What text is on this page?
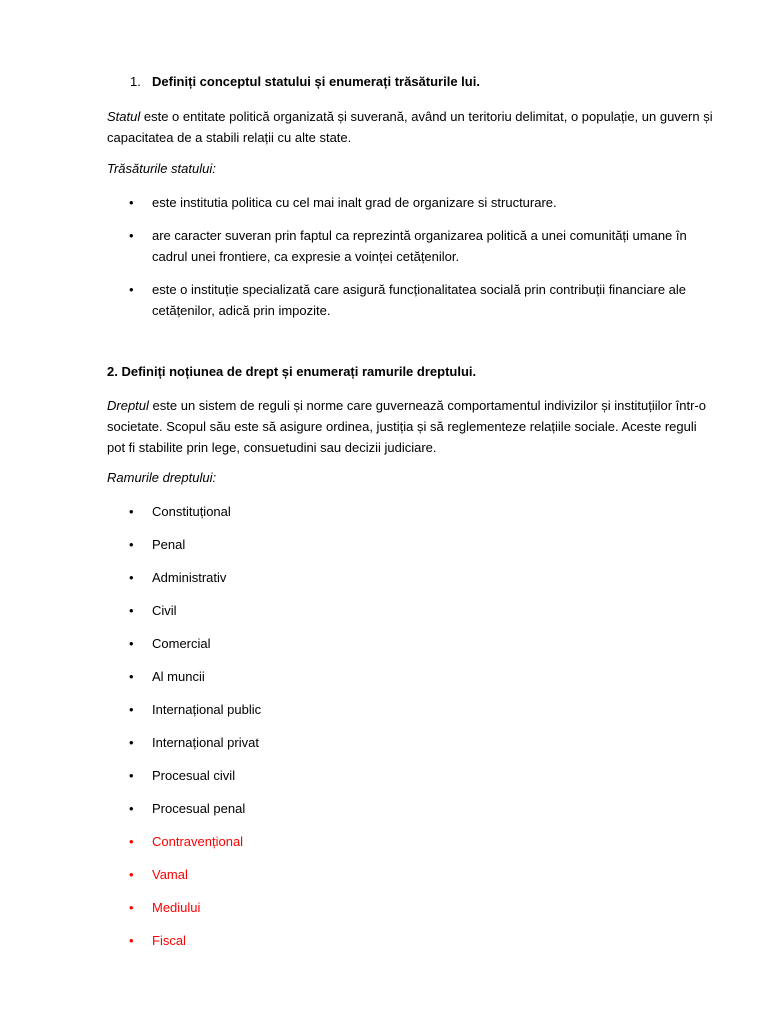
1. Definiți conceptul statului și enumerați trăsăturile lui.
Statul este o entitate politică organizată și suverană, având un teritoriu delimitat, o populație, un guvern și capacitatea de a stabili relații cu alte state.
Trăsăturile statului:
• este institutia politica cu cel mai inalt grad de organizare si structurare.
• are caracter suveran prin faptul ca reprezintă organizarea politică a unei comunități umane în cadrul unei frontiere, ca expresie a voinței cetățenilor.
• este o instituție specializată care asigură funcționalitatea socială prin contribuții financiare ale cetățenilor, adică prin impozite.
2. Definiți noțiunea de drept și enumerați ramurile dreptului.
Dreptul este un sistem de reguli și norme care guvernează comportamentul indivizilor și instituțiilor într-o societate. Scopul său este să asigure ordinea, justiția și să reglementeze relațiile sociale. Aceste reguli pot fi stabilite prin lege, consuetudini sau decizii judiciare.
Ramurile dreptului:
• Constituțional
• Penal
• Administrativ
• Civil
• Comercial
• Al muncii
• Internațional public
• Internațional privat
• Procesual civil
• Procesual penal
• Contravențional
• Vamal
• Mediului
• Fiscal
